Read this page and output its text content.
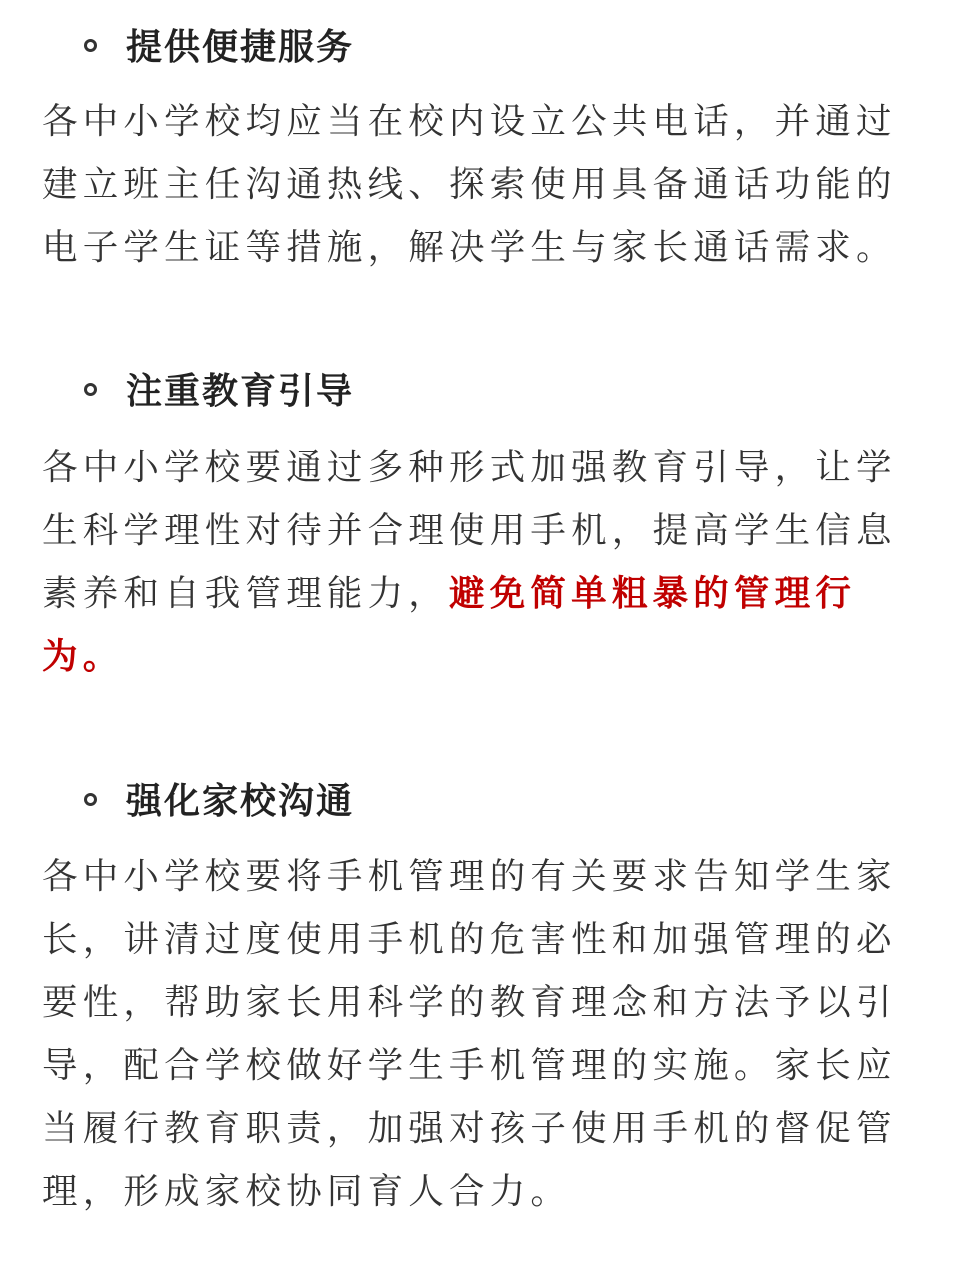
提供便捷服务

各中小学校均应当在校内设立公共电话，并通过建立班主任沟通热线、探索使用具备通话功能的电子学生证等措施，解决学生与家长通话需求。

注重教育引导

各中小学校要通过多种形式加强教育引导，让学生科学理性对待并合理使用手机，提高学生信息素养和自我管理能力，避免简单粗暴的管理行为。

强化家校沟通

各中小学校要将手机管理的有关要求告知学生家长，讲清过度使用手机的危害性和加强管理的必要性，帮助家长用科学的教育理念和方法予以引导，配合学校做好学生手机管理的实施。家长应当履行教育职责，加强对孩子使用手机的督促管理，形成家校协同育人合力。
